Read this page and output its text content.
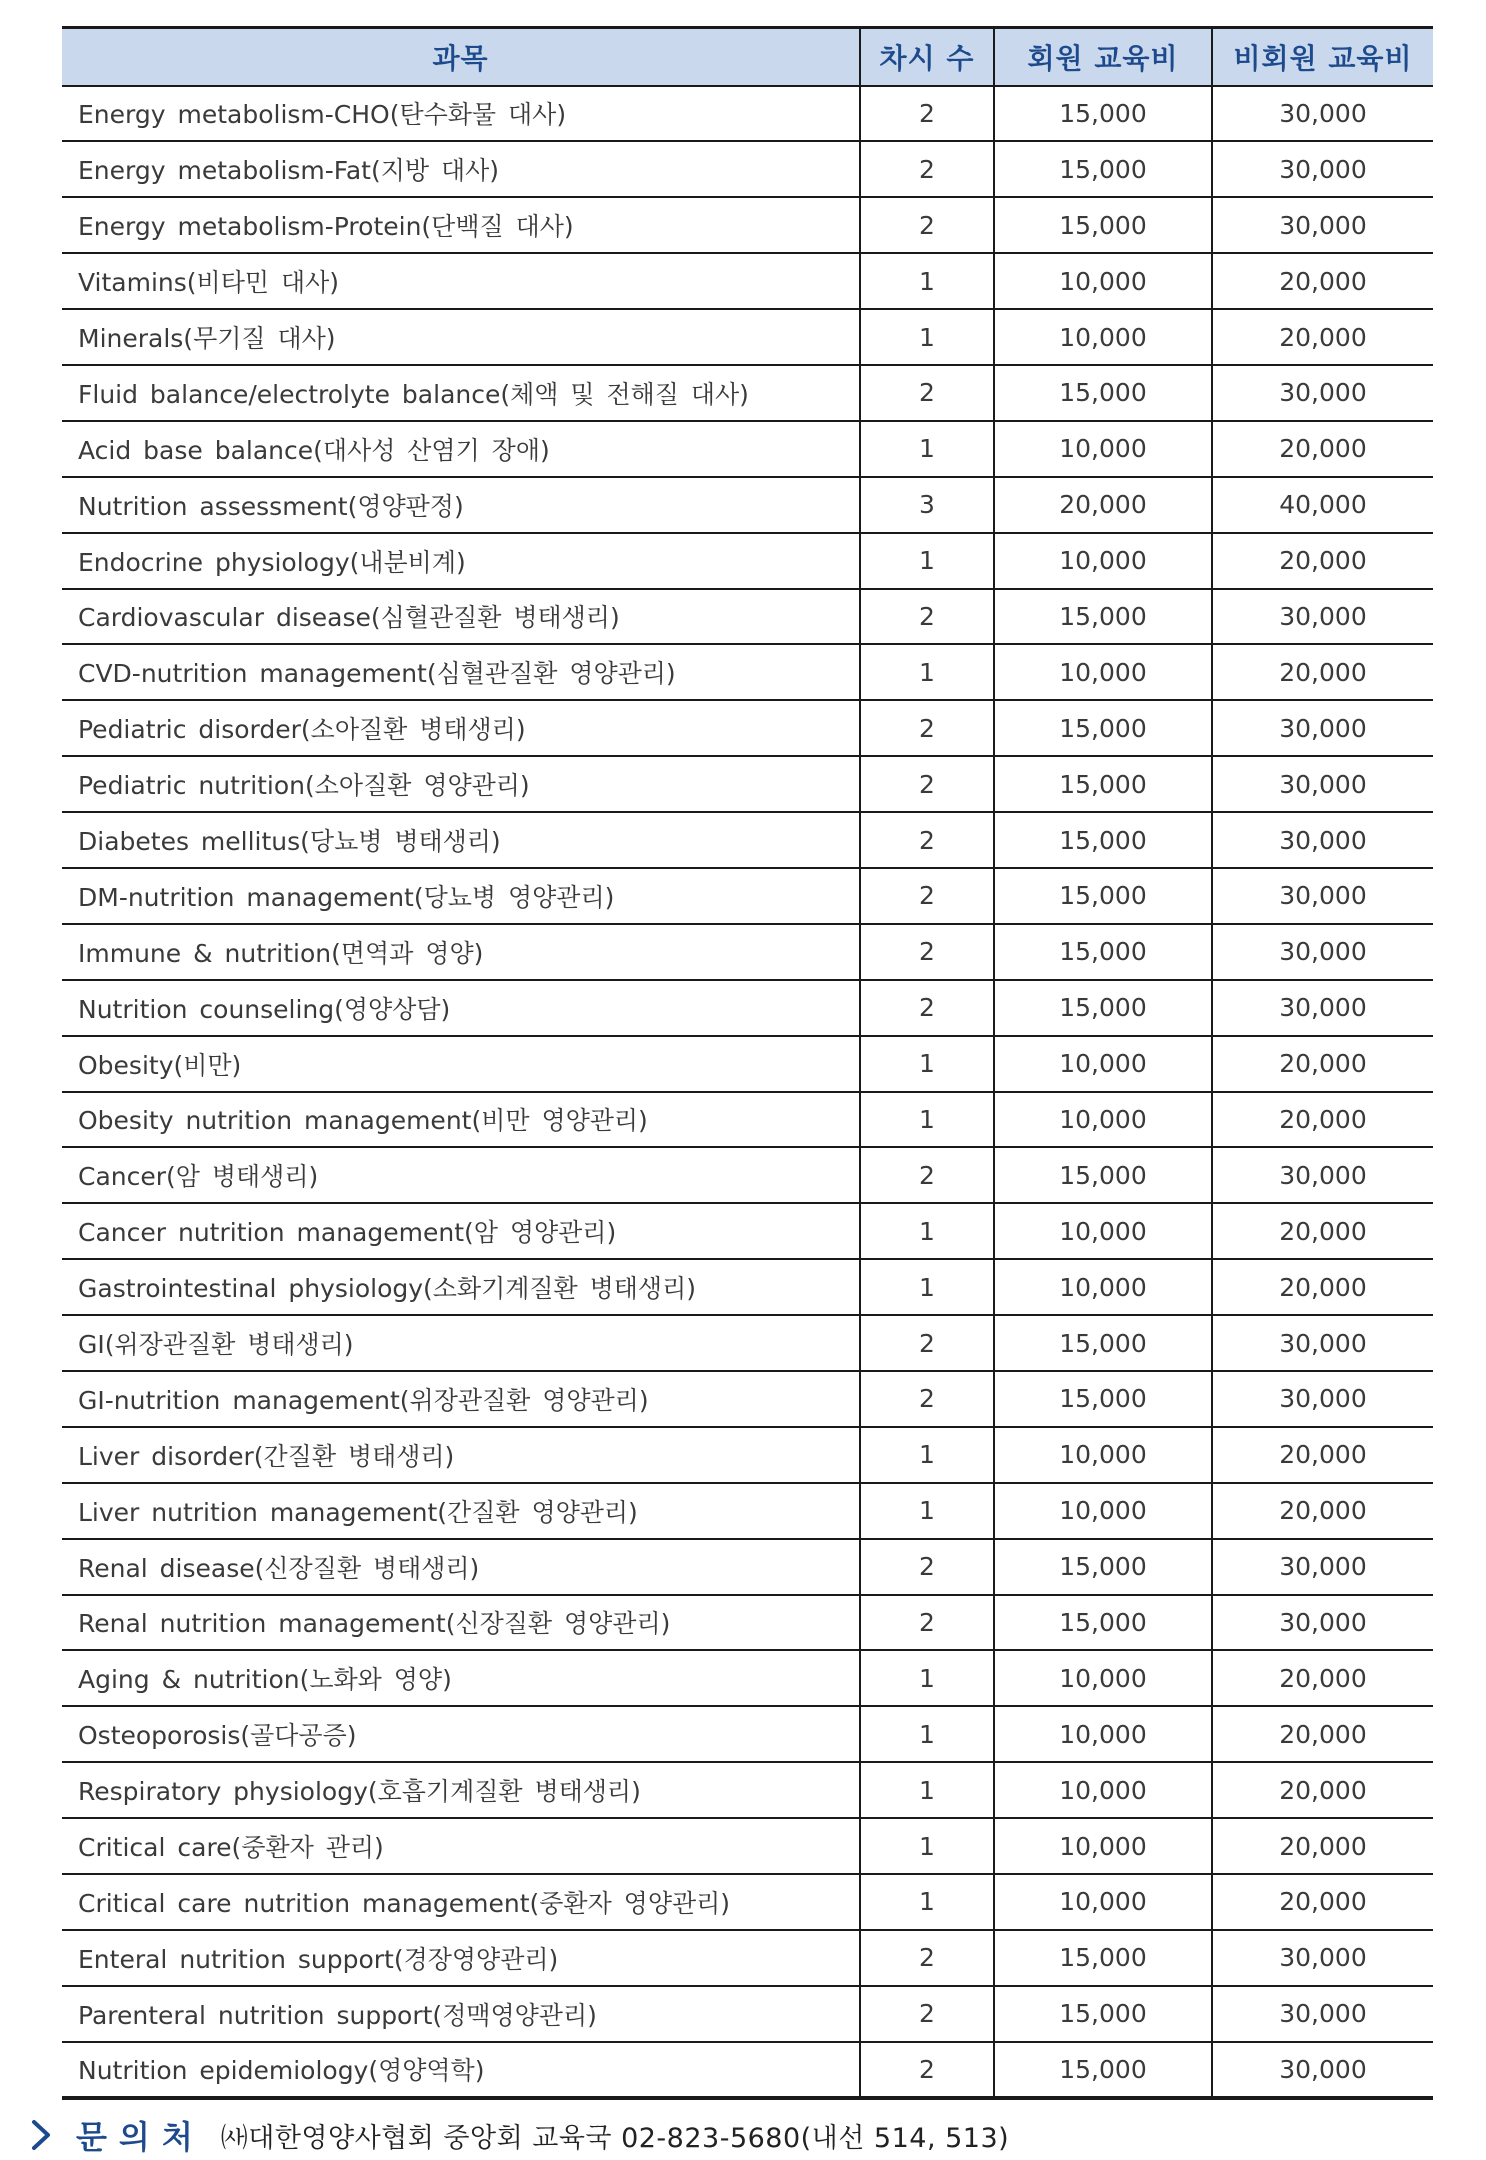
과목	차시 수	회원 교육비	비회원 교육비
Energy metabolism-CHO(탄수화물 대사)	2	15,000	30,000
Energy metabolism-Fat(지방 대사)	2	15,000	30,000
Energy metabolism-Protein(단백질 대사)	2	15,000	30,000
Vitamins(비타민 대사)	1	10,000	20,000
Minerals(무기질 대사)	1	10,000	20,000
Fluid balance/electrolyte balance(체액 및 전해질 대사)	2	15,000	30,000
Acid base balance(대사성 산염기 장애)	1	10,000	20,000
Nutrition assessment(영양판정)	3	20,000	40,000
Endocrine physiology(내분비계)	1	10,000	20,000
Cardiovascular disease(심혈관질환 병태생리)	2	15,000	30,000
CVD-nutrition management(심혈관질환 영양관리)	1	10,000	20,000
Pediatric disorder(소아질환 병태생리)	2	15,000	30,000
Pediatric nutrition(소아질환 영양관리)	2	15,000	30,000
Diabetes mellitus(당뇨병 병태생리)	2	15,000	30,000
DM-nutrition management(당뇨병 영양관리)	2	15,000	30,000
Immune & nutrition(면역과 영양)	2	15,000	30,000
Nutrition counseling(영양상담)	2	15,000	30,000
Obesity(비만)	1	10,000	20,000
Obesity nutrition management(비만 영양관리)	1	10,000	20,000
Cancer(암 병태생리)	2	15,000	30,000
Cancer nutrition management(암 영양관리)	1	10,000	20,000
Gastrointestinal physiology(소화기계질환 병태생리)	1	10,000	20,000
GI(위장관질환 병태생리)	2	15,000	30,000
GI-nutrition management(위장관질환 영양관리)	2	15,000	30,000
Liver disorder(간질환 병태생리)	1	10,000	20,000
Liver nutrition management(간질환 영양관리)	1	10,000	20,000
Renal disease(신장질환 병태생리)	2	15,000	30,000
Renal nutrition management(신장질환 영양관리)	2	15,000	30,000
Aging & nutrition(노화와 영양)	1	10,000	20,000
Osteoporosis(골다공증)	1	10,000	20,000
Respiratory physiology(호흡기계질환 병태생리)	1	10,000	20,000
Critical care(중환자 관리)	1	10,000	20,000
Critical care nutrition management(중환자 영양관리)	1	10,000	20,000
Enteral nutrition support(경장영양관리)	2	15,000	30,000
Parenteral nutrition support(정맥영양관리)	2	15,000	30,000
Nutrition epidemiology(영양역학)	2	15,000	30,000
문의처 ㈔대한영양사협회 중앙회 교육국 02-823-5680(내선 514, 513)
